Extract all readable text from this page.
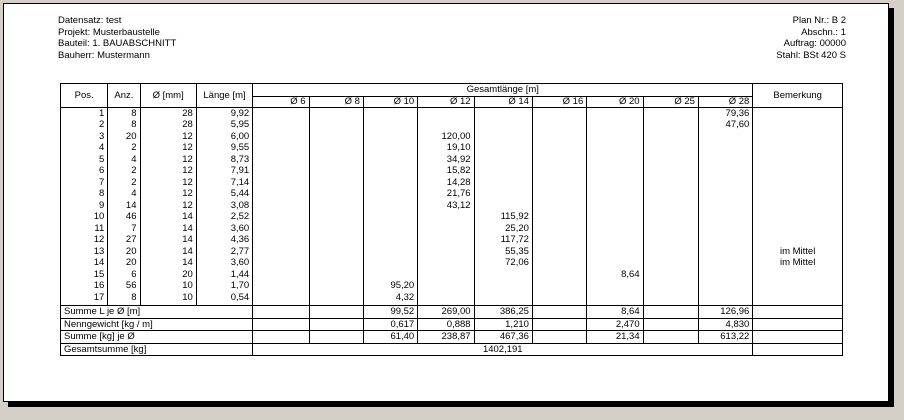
Datensatz: test
Projekt: Musterbaustelle
Bauteil: 1. BAUABSCHNITT
Bauherr: Mustermann
Plan Nr.: B 2
Abschn.: 1
Auftrag: 00000
Stahl: BSt 420 S
Pos.	Anz.	Ø [mm]	Länge [m]	Gesamtlänge [m]									Bemerkung
				Ø 6	Ø 8	Ø 10	Ø 12	Ø 14	Ø 16	Ø 20	Ø 25	Ø 28	
1	8	28	9,92									79,36	
2	8	28	5,95									47,60	
3	20	12	6,00				120,00						
4	2	12	9,55				19,10						
5	4	12	8,73				34,92						
6	2	12	7,91				15,82						
7	2	12	7,14				14,28						
8	4	12	5,44				21,76						
9	14	12	3,08				43,12						
10	46	14	2,52					115,92					
11	7	14	3,60					25,20					
12	27	14	4,36					117,72					
13	20	14	2,77					55,35					im Mittel
14	20	14	3,60					72,06					im Mittel
15	6	20	1,44							8,64			
16	56	10	1,70			95,20							
17	8	10	0,54			4,32							
Summe L je Ø [m]						99,52	269,00	386,25		8,64		126,96	
Nenngewicht [kg / m]						0,617	0,888	1,210		2,470		4,830	
Summe [kg] je Ø						61,40	238,87	467,36		21,34		613,22	
Gesamtsumme [kg]				1402,191									
